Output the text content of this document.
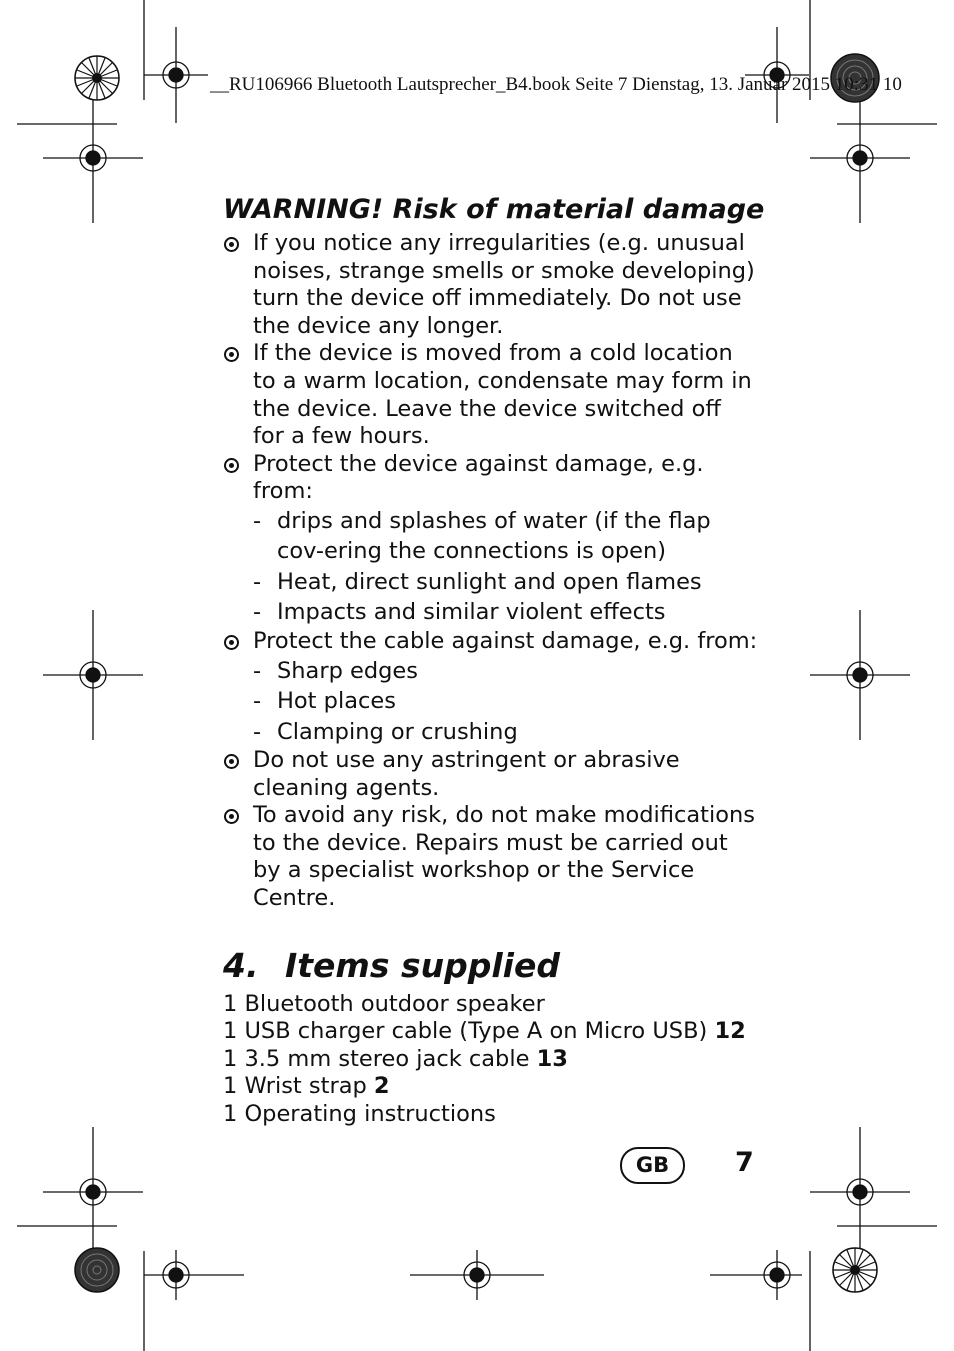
__RU106966 Bluetooth Lautsprecher_B4.book Seite 7 Dienstag, 13. Januar 2015 10:31 10
WARNING! Risk of material damage
If you notice any irregularities (e.g. unusual noises, strange smells or smoke developing) turn the device off immediately. Do not use the device any longer.
If the device is moved from a cold location to a warm location, condensate may form in the device. Leave the device switched off for a few hours.
Protect the device against damage, e.g. from:
- drips and splashes of water (if the flap cov-ering the connections is open)
- Heat, direct sunlight and open flames
- Impacts and similar violent effects
Protect the cable against damage, e.g. from:
- Sharp edges
- Hot places
- Clamping or crushing
Do not use any astringent or abrasive cleaning agents.
To avoid any risk, do not make modifications to the device. Repairs must be carried out by a specialist workshop or the Service Centre.
4. Items supplied
1 Bluetooth outdoor speaker
1 USB charger cable (Type A on Micro USB) 12
1 3.5 mm stereo jack cable 13
1 Wrist strap 2
1 Operating instructions
GB	7
